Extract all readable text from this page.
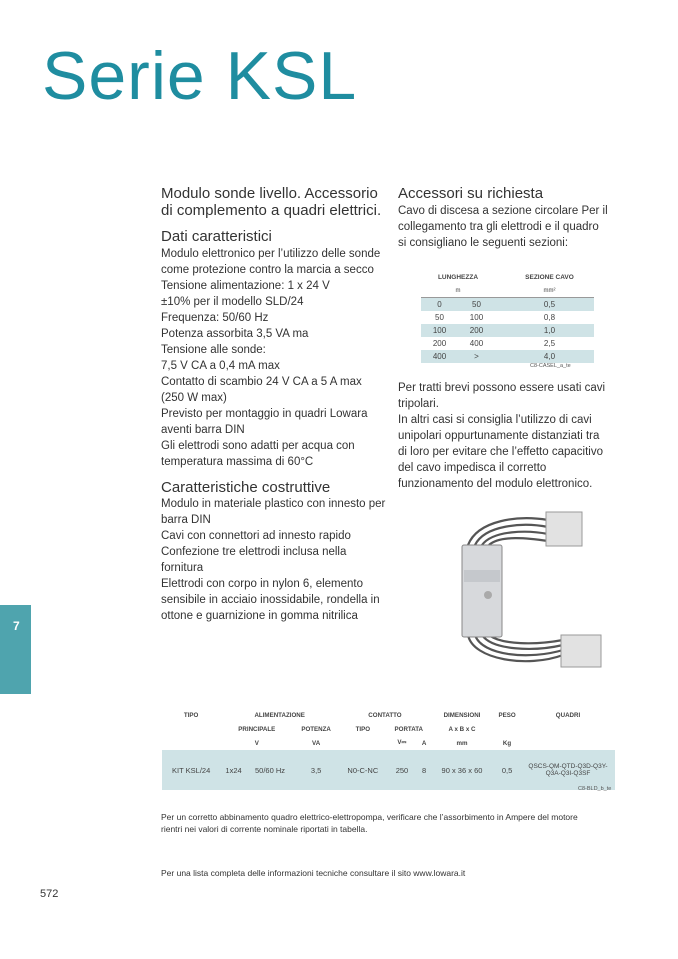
Serie KSL
Modulo sonde livello. Accessorio di complemento a quadri elettrici.
Dati caratteristici

Modulo elettronico per l’utilizzo delle sonde come protezione contro la marcia a secco

Tensione alimentazione: 1 x 24 V

±10% per il modello SLD/24

Frequenza: 50/60 Hz

Potenza assorbita 3,5 VA ma

Tensione alle sonde:

7,5 V CA a 0,4 mA max

Contatto di scambio 24 V CA a 5 A max (250 W max)

Previsto per montaggio in quadri Lowara aventi barra DIN

Gli elettrodi sono adatti per acqua con temperatura massima di 60°C

Caratteristiche costruttive

Modulo in materiale plastico con innesto per barra DIN

Cavi con connettori ad innesto rapido

Confezione tre elettrodi inclusa nella fornitura

Elettrodi con corpo in nylon 6, elemento sensibile in acciaio inossidabile, rondella in ottone e guarnizione in gomma nitrilica

Accessori su richiesta

Cavo di discesa a sezione circolare Per il collegamento tra gli elettrodi e il quadro si consigliano le seguenti sezioni:

LUNGHEZZA			SEZIONE CAVO
m			mm²
0	50		0,5
50	100		0,8
100	200		1,0
200	400		2,5
400	>		4,0
C8-CASEL_a_te

Per tratti brevi possono essere usati cavi tripolari.

In altri casi si consiglia l’utilizzo di cavi unipolari oppurtunamente distanziati tra di loro per evitare che l’effetto capacitivo del cavo impedisca il corretto funzionamento del modulo elettronico.

7
TIPO	ALIMENTAZIONE			CONTATTO			DIMENSIONI	PESO	QUADRI
	PRINCIPALE		POTENZA	TIPO	PORTATA		A x B x C		
	V		VA		V⎓	A	mm	Kg	
KIT KSL/24	1x24	50/60 Hz	3,5	N0-C-NC	250	8	90 x 36 x 60	0,5	QSCS-QM-QTD-Q3D-Q3Y-Q3A-Q3I-Q3SF
C8-BLD_b_te
Per un corretto abbinamento quadro elettrico-elettropompa, verificare che l’assorbimento in Ampere del motore rientri nei valori di corrente nominale riportati in tabella.
Per una lista completa delle informazioni tecniche consultare il sito www.lowara.it
572
